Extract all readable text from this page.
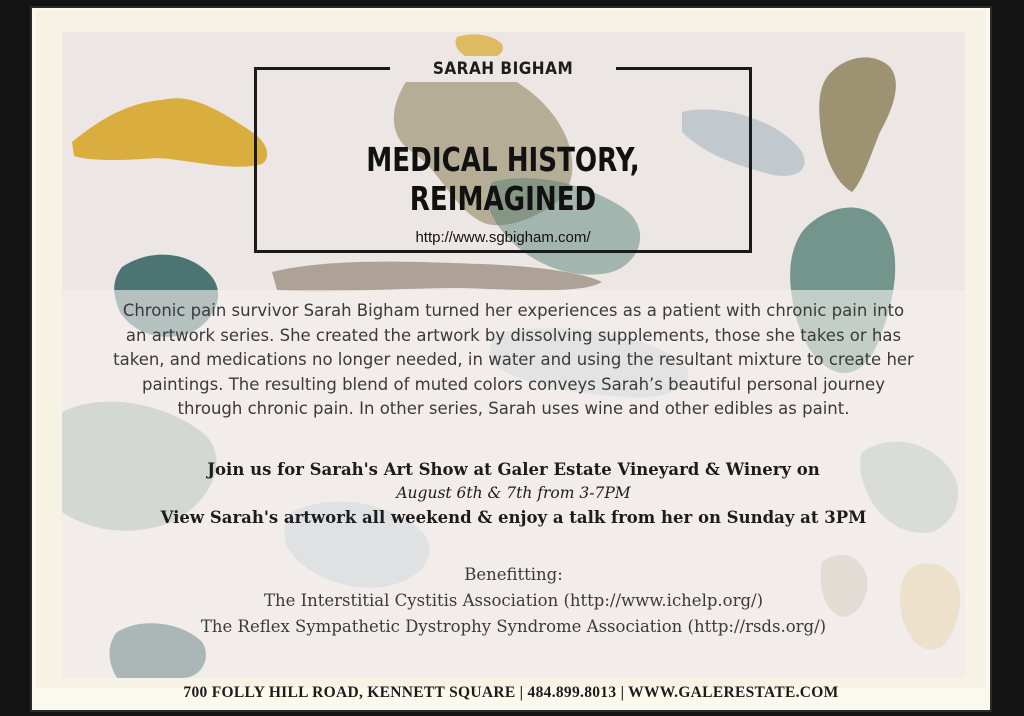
SARAH BIGHAM
MEDICAL HISTORY, REIMAGINED
http://www.sgbigham.com/
Chronic pain survivor Sarah Bigham turned her experiences as a patient with chronic pain into
an artwork series. She created the artwork by dissolving supplements, those she takes or has
taken, and medications no longer needed, in water and using the resultant mixture to create her
paintings. The resulting blend of muted colors conveys Sarah’s beautiful personal journey
through chronic pain. In other series, Sarah uses wine and other edibles as paint.
Join us for Sarah's Art Show at Galer Estate Vineyard & Winery on
August 6th & 7th from 3-7PM
View Sarah's artwork all weekend & enjoy a talk from her on Sunday at 3PM
Benefitting:
The Interstitial Cystitis Association (http://www.ichelp.org/)
The Reflex Sympathetic Dystrophy Syndrome Association (http://rsds.org/)
700 FOLLY HILL ROAD, KENNETT SQUARE | 484.899.8013 | WWW.GALERESTATE.COM
